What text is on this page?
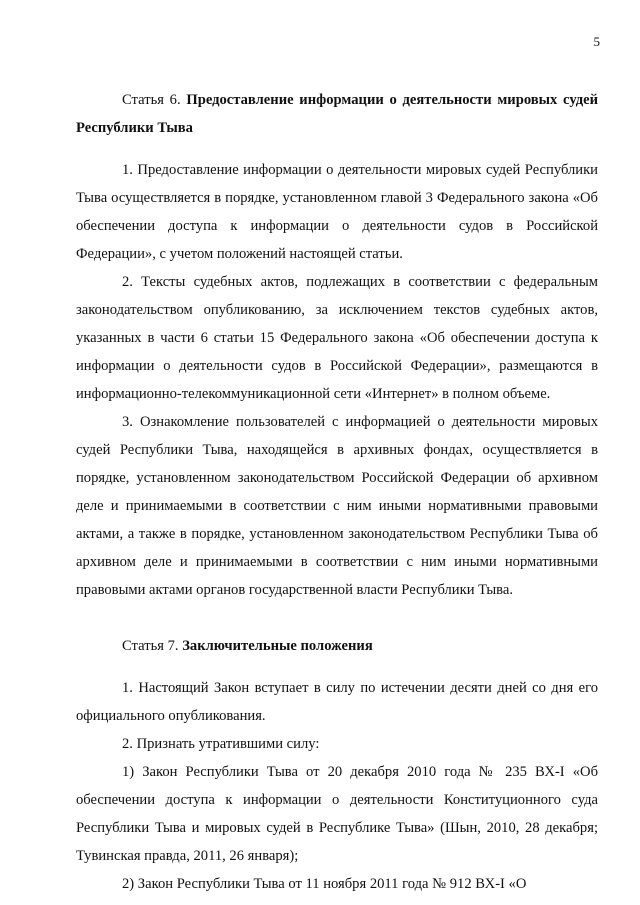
5

Статья 6. Предоставление информации о деятельности мировых судей Республики Тыва

1. Предоставление информации о деятельности мировых судей Республики Тыва осуществляется в порядке, установленном главой 3 Федерального закона «Об обеспечении доступа к информации о деятельности судов в Российской Федерации», с учетом положений настоящей статьи.

2. Тексты судебных актов, подлежащих в соответствии с федеральным законодательством опубликованию, за исключением текстов судебных актов, указанных в части 6 статьи 15 Федерального закона «Об обеспечении доступа к информации о деятельности судов в Российской Федерации», размещаются в информационно-телекоммуникационной сети «Интернет» в полном объеме.

3. Ознакомление пользователей с информацией о деятельности мировых судей Республики Тыва, находящейся в архивных фондах, осуществляется в порядке, установленном законодательством Российской Федерации об архивном деле и принимаемыми в соответствии с ним иными нормативными правовыми актами, а также в порядке, установленном законодательством Республики Тыва об архивном деле и принимаемыми в соответствии с ним иными нормативными правовыми актами органов государственной власти Республики Тыва.

Статья 7. Заключительные положения

1. Настоящий Закон вступает в силу по истечении десяти дней со дня его официального опубликования.

2. Признать утратившими силу:

1) Закон Республики Тыва от 20 декабря 2010 года № 235 ВХ-I «Об обеспечении доступа к информации о деятельности Конституционного суда Республики Тыва и мировых судей в Республике Тыва» (Шын, 2010, 28 декабря; Тувинская правда, 2011, 26 января);

2) Закон Республики Тыва от 11 ноября 2011 года № 912 ВХ-I «О
